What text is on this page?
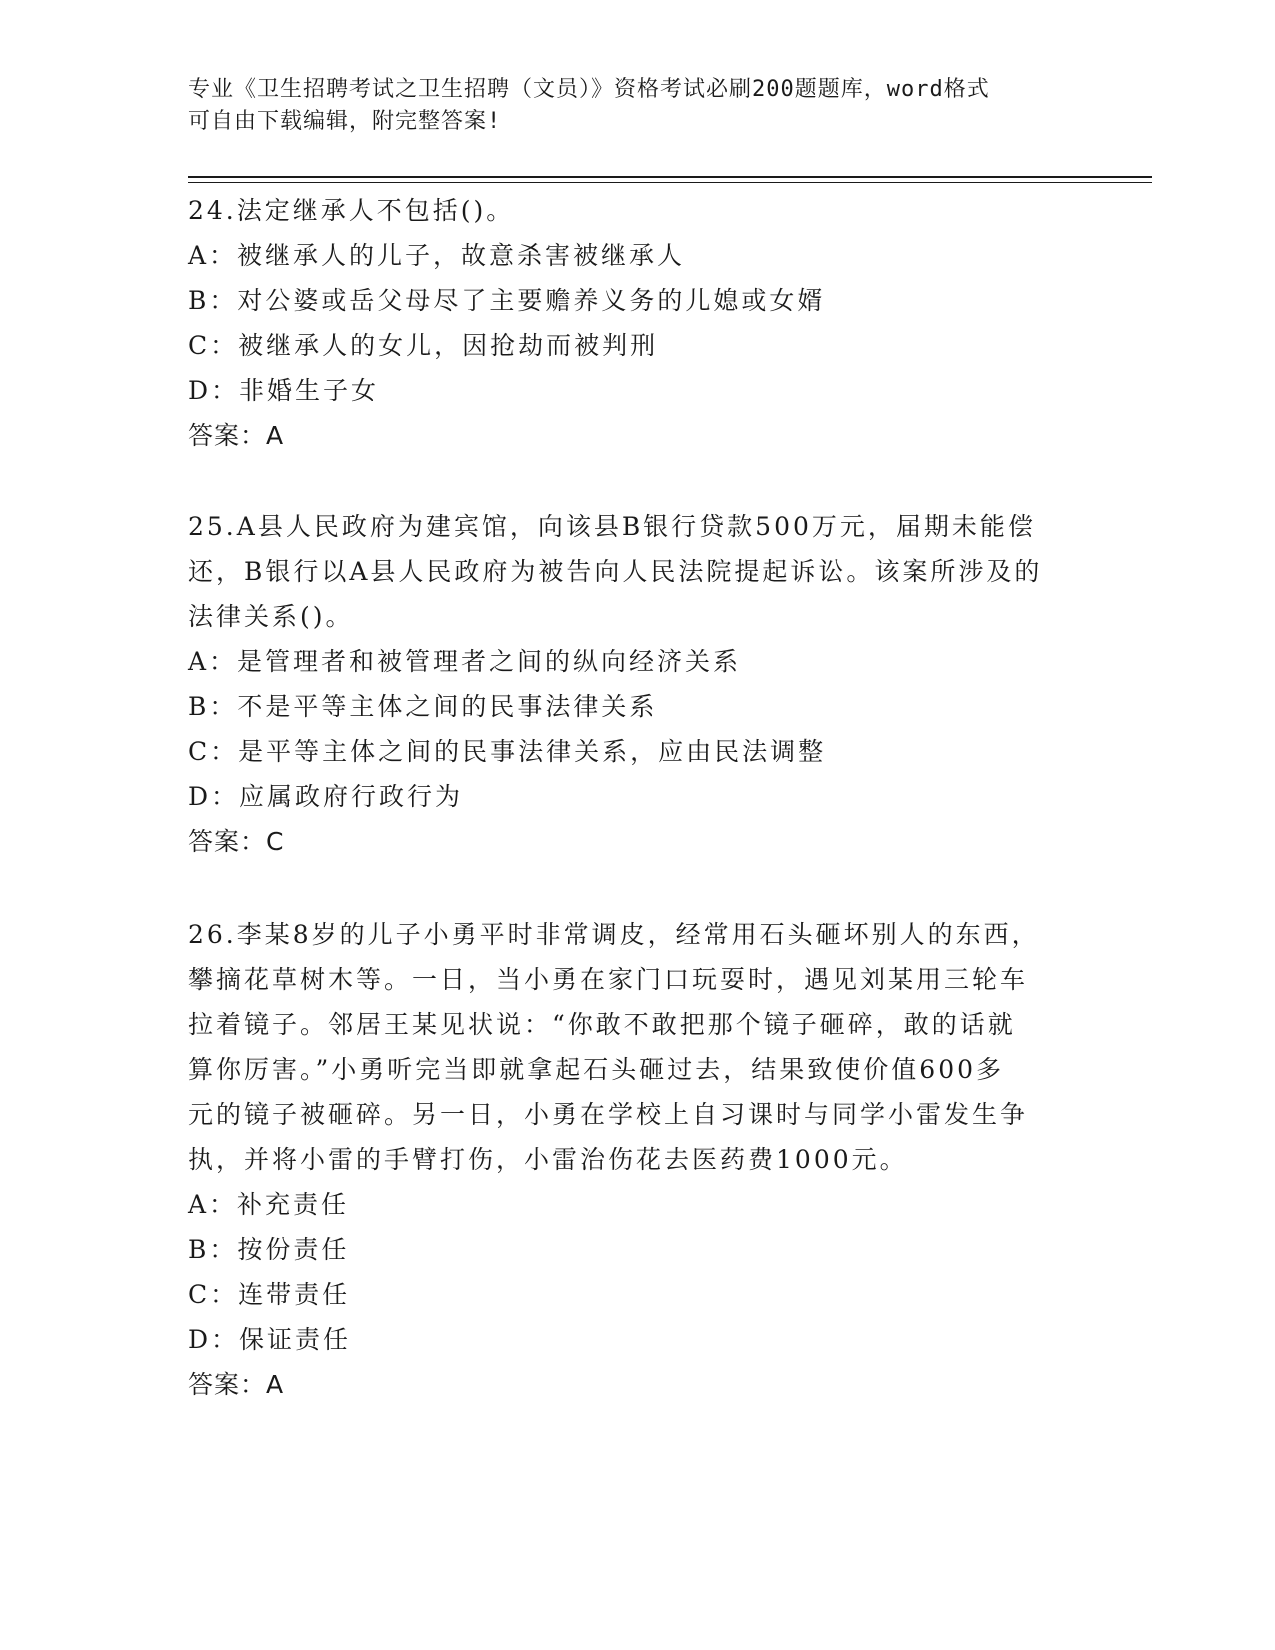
专业《卫生招聘考试之卫生招聘（文员）》资格考试必刷200题题库，word格式
可自由下载编辑，附完整答案!
24.法定继承人不包括()。
A：被继承人的儿子，故意杀害被继承人
B：对公婆或岳父母尽了主要赡养义务的儿媳或女婿
C：被继承人的女儿，因抢劫而被判刑
D：非婚生子女
答案：A
25.A县人民政府为建宾馆，向该县B银行贷款500万元，届期未能偿
还，B银行以A县人民政府为被告向人民法院提起诉讼。该案所涉及的
法律关系()。
A：是管理者和被管理者之间的纵向经济关系
B：不是平等主体之间的民事法律关系
C：是平等主体之间的民事法律关系，应由民法调整
D：应属政府行政行为
答案：C
26.李某8岁的儿子小勇平时非常调皮，经常用石头砸坏别人的东西，
攀摘花草树木等。一日，当小勇在家门口玩耍时，遇见刘某用三轮车
拉着镜子。邻居王某见状说：“你敢不敢把那个镜子砸碎，敢的话就
算你厉害。”小勇听完当即就拿起石头砸过去，结果致使价值600多
元的镜子被砸碎。另一日，小勇在学校上自习课时与同学小雷发生争
执，并将小雷的手臂打伤，小雷治伤花去医药费1000元。
A：补充责任
B：按份责任
C：连带责任
D：保证责任
答案：A
